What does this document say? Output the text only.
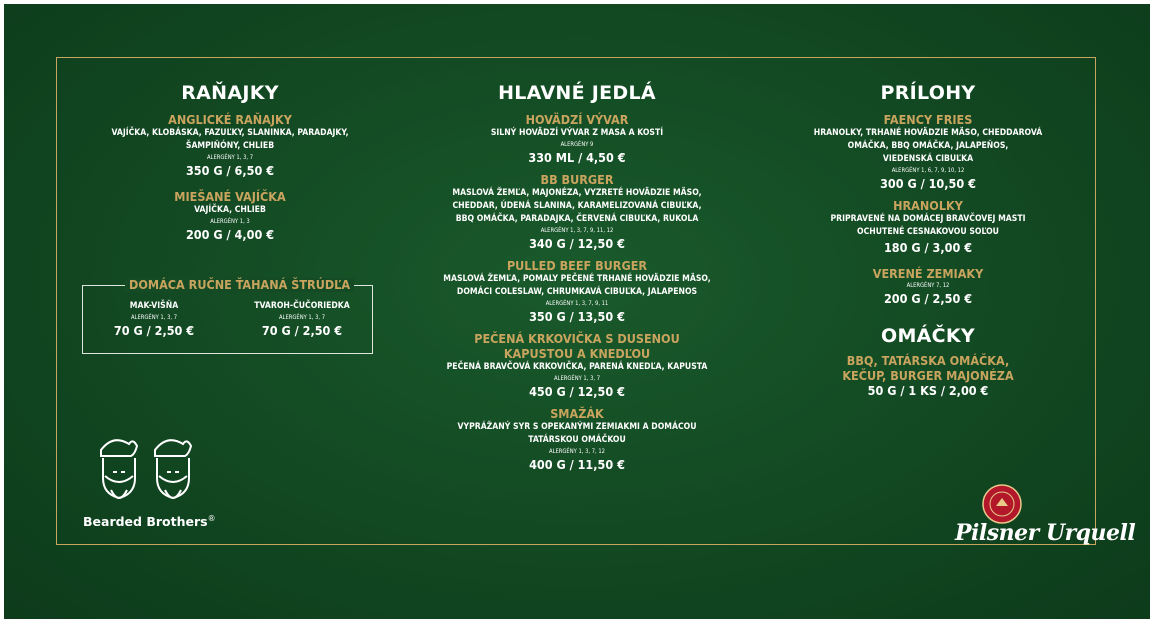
RAŇAJKY
ANGLICKÉ RAŇAJKY
VAJÍČKA, KLOBÁSKA, FAZUĽKY, SLANINKA, PARADAJKY,
ŠAMPIŇÓNY, CHLIEB
ALERGÉNY 1, 3, 7
350 G / 6,50 €
MIEŠANÉ VAJÍČKA
VAJÍČKA, CHLIEB
ALERGÉNY 1, 3
200 G / 4,00 €
DOMÁCA RUČNE ŤAHANÁ ŠTRÚDĽA
MAK-VIŠŇA
ALERGÉNY 1, 3, 7
70 G / 2,50 €
TVAROH-ČUČORIEDKA
ALERGÉNY 1, 3, 7
70 G / 2,50 €
HLAVNÉ JEDLÁ
HOVÄDZÍ VÝVAR
SILNÝ HOVÄDZÍ VÝVAR Z MASA A KOSTÍ
ALERGÉNY 9
330 ML / 4,50 €
BB BURGER
MASLOVÁ ŽEMĽA, MAJONÉZA, VYZRETÉ HOVÄDZIE MÄSO,
CHEDDAR, ÚDENÁ SLANINA, KARAMELIZOVANÁ CIBUĽKA,
BBQ OMÁČKA, PARADAJKA, ČERVENÁ CIBUĽKA, RUKOLA
ALERGÉNY 1, 3, 7, 9, 11, 12
340 G / 12,50 €
PULLED BEEF BURGER
MASLOVÁ ŽEMĽA, POMALY PEČENÉ TRHANÉ HOVÄDZIE MÄSO,
DOMÁCI COLESLAW, CHRUMKAVÁ CIBUĽKA, JALAPENOS
ALERGÉNY 1, 3, 7, 9, 11
350 G / 13,50 €
PEČENÁ KRKOVIČKA S DUSENOU KAPUSTOU A KNEDĽOU
PEČENÁ BRAVČOVÁ KRKOVIČKA, PARENÁ KNEDĽA, KAPUSTA
ALERGÉNY 1, 3, 7
450 G / 12,50 €
SMAŽÁK
VYPRÁŽANÝ SYR S OPEKANÝMI ZEMIAKMI A DOMÁCOU
TATÁRSKOU OMÁČKOU
ALERGÉNY 1, 3, 7, 12
400 G / 11,50 €
PRÍLOHY
FAENCY FRIES
HRANOLKY, TRHANÉ HOVÄDZIE MÄSO, CHEDDAROVÁ
OMÁČKA, BBQ OMÁČKA, JALAPEŇOS,
VIEDENSKÁ CIBUĽKA
ALERGÉNY 1, 6, 7, 9, 10, 12
300 G / 10,50 €
HRANOLKY
PRIPRAVENÉ NA DOMÁCEJ BRAVČOVEJ MASTI
OCHUTENÉ CESNAKOVOU SOĽOU
180 G / 3,00 €
VERENÉ ZEMIAKY
ALERGÉNY 7, 12
200 G / 2,50 €
OMÁČKY
BBQ, TATÁRSKA OMÁČKA,
KEČUP, BURGER MAJONÉZA
50 G / 1 KS / 2,00 €
Bearded Brothers®
Pilsner Urquell
